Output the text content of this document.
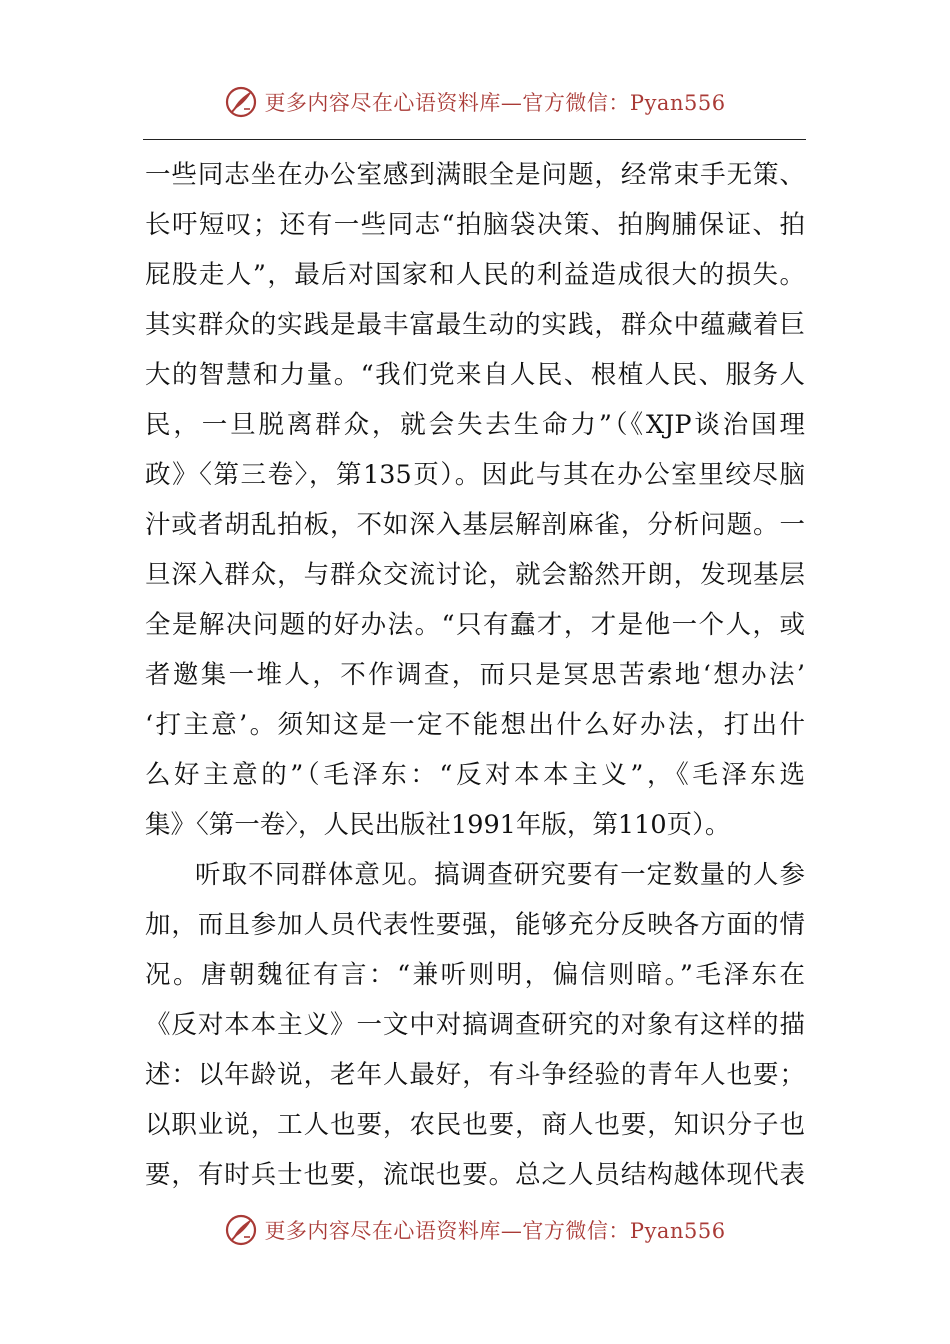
更多内容尽在心语资料库—官方微信：Pyan556
一些同志坐在办公室感到满眼全是问题，经常束手无策、
长吁短叹；还有一些同志“拍脑袋决策、拍胸脯保证、拍
屁股走人”，最后对国家和人民的利益造成很大的损失。
其实群众的实践是最丰富最生动的实践，群众中蕴藏着巨
大的智慧和力量。“我们党来自人民、根植人民、服务人
民，一旦脱离群众，就会失去生命力”（《XJP谈治国理
政》〈第三卷〉，第135页）。因此与其在办公室里绞尽脑
汁或者胡乱拍板，不如深入基层解剖麻雀，分析问题。一
旦深入群众，与群众交流讨论，就会豁然开朗，发现基层
全是解决问题的好办法。“只有蠢才，才是他一个人，或
者邀集一堆人，不作调查，而只是冥思苦索地‘想办法’
‘打主意’。须知这是一定不能想出什么好办法，打出什
么好主意的”（毛泽东：“反对本本主义”，《毛泽东选
集》〈第一卷〉，人民出版社1991年版，第110页）。
听取不同群体意见。搞调查研究要有一定数量的人参
加，而且参加人员代表性要强，能够充分反映各方面的情
况。唐朝魏征有言：“兼听则明，偏信则暗。”毛泽东在
《反对本本主义》一文中对搞调查研究的对象有这样的描
述：以年龄说，老年人最好，有斗争经验的青年人也要；
以职业说，工人也要，农民也要，商人也要，知识分子也
要，有时兵士也要，流氓也要。总之人员结构越体现代表
更多内容尽在心语资料库—官方微信：Pyan556
